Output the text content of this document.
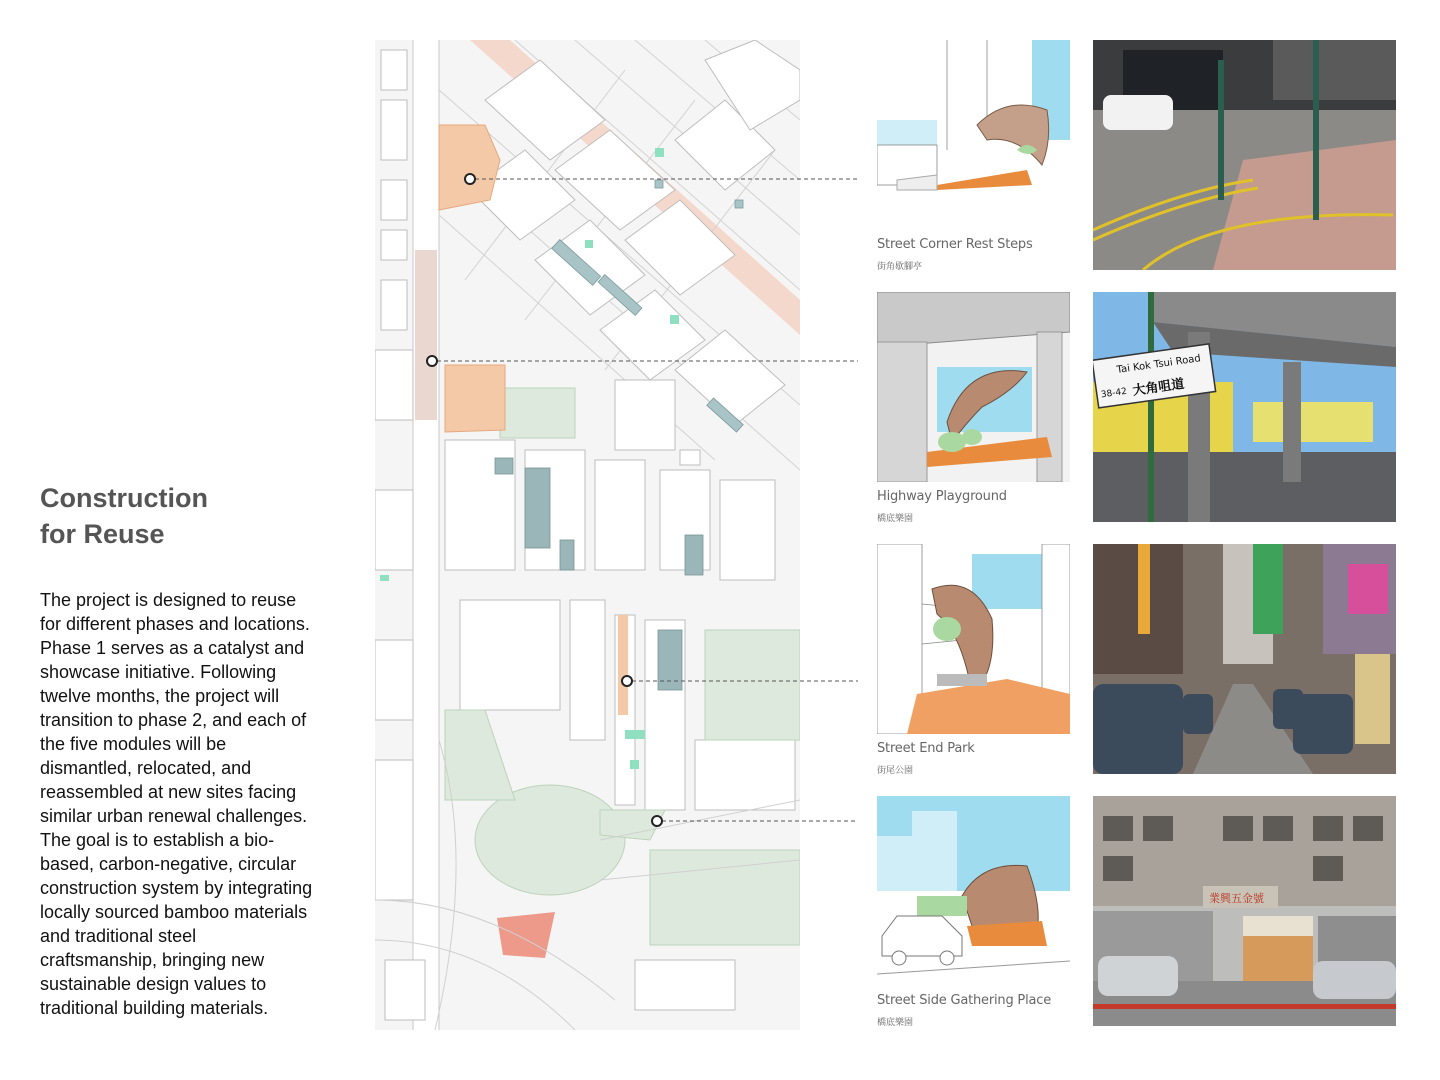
Construction
for Reuse
The project is designed to reuse
for different phases and locations.
Phase 1 serves as a catalyst and
showcase initiative. Following
twelve months, the project will
transition to phase 2, and each of
the five modules will be
dismantled, relocated, and
reassembled at new sites facing
similar urban renewal challenges.
The goal is to establish a bio-
based, carbon-negative, circular
construction system by integrating
locally sourced bamboo materials
and traditional steel
craftsmanship, bringing new
sustainable design values to
traditional building materials.
Street Corner Rest Steps
街角歇腳亭
Highway Playground
橋底樂園
Street End Park
街尾公園
Street Side Gathering Place
橋底樂園
Tai Kok Tsui Road
38-42 大角咀道
業興五金號
